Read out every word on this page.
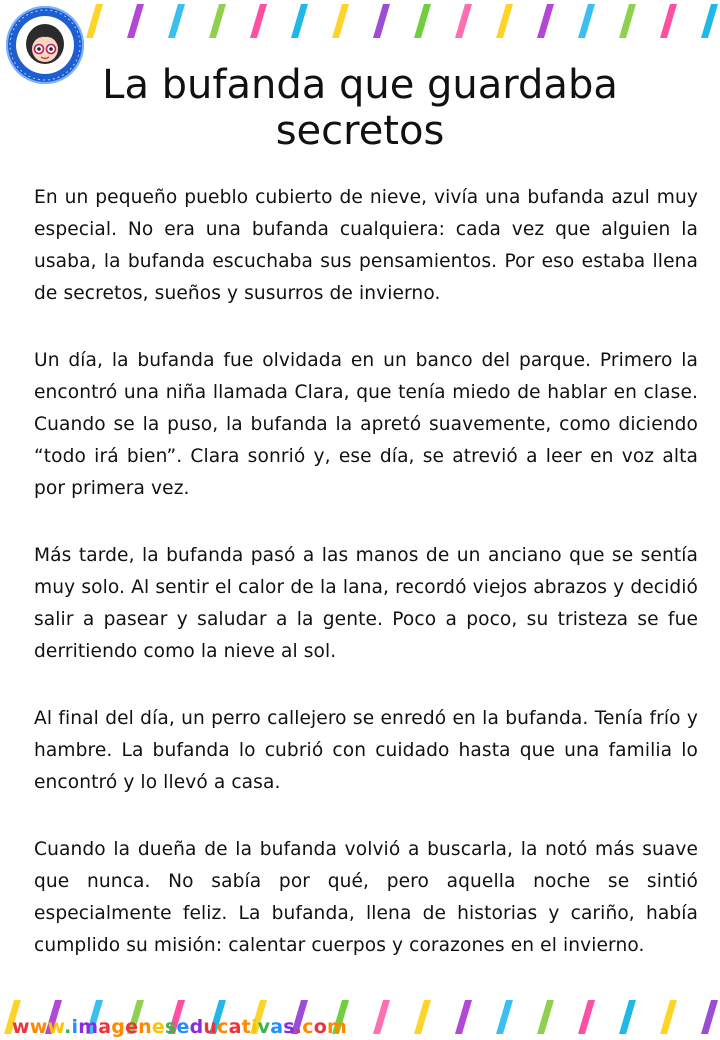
La bufanda que guardaba secretos

En un pequeño pueblo cubierto de nieve, vivía una bufanda azul muy especial. No era una bufanda cualquiera: cada vez que alguien la usaba, la bufanda escuchaba sus pensamientos. Por eso estaba llena de secretos, sueños y susurros de invierno.

Un día, la bufanda fue olvidada en un banco del parque. Primero la encontró una niña llamada Clara, que tenía miedo de hablar en clase. Cuando se la puso, la bufanda la apretó suavemente, como diciendo “todo irá bien”. Clara sonrió y, ese día, se atrevió a leer en voz alta por primera vez.

Más tarde, la bufanda pasó a las manos de un anciano que se sentía muy solo. Al sentir el calor de la lana, recordó viejos abrazos y decidió salir a pasear y saludar a la gente. Poco a poco, su tristeza se fue derritiendo como la nieve al sol.

Al final del día, un perro callejero se enredó en la bufanda. Tenía frío y hambre. La bufanda lo cubrió con cuidado hasta que una familia lo encontró y lo llevó a casa.

Cuando la dueña de la bufanda volvió a buscarla, la notó más suave que nunca. No sabía por qué, pero aquella noche se sintió especialmente feliz. La bufanda, llena de historias y cariño, había cumplido su misión: calentar cuerpos y corazones en el invierno.

www.imageneseducativas.com
